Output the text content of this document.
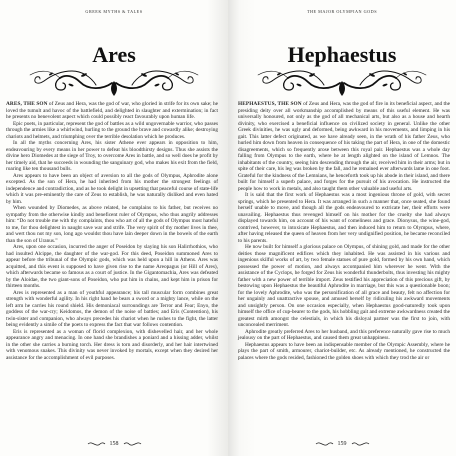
GREEK MYTHS & TALES
Ares

ARES, THE SON of Zeus and Hera, was the god of war, who gloried in strife for its own sake; he loved the tumult and havoc of the battlefield, and delighted in slaughter and extermination; in fact he presents no benevolent aspect which could possibly react favourably upon human life.

Epic poets, in particular, represent the god of battles as a wild ungovernable warrior, who passes through the armies like a whirlwind, hurling to the ground the brave and cowardly alike; destroying chariots and helmets, and triumphing over the terrible desolation which he produces.

In all the myths concerning Ares, his sister Athene ever appears in opposition to him, endeavouring by every means in her power to defeat his bloodthirsty designs. Thus she assists the divine hero Diomedes at the siege of Troy, to overcome Ares in battle, and so well does he profit by her timely aid, that he succeeds in wounding the sanguinary god, who makes his exit from the field, roaring like ten thousand bulls.

Ares appears to have been an object of aversion to all the gods of Olympus, Aphrodite alone excepted. As the son of Hera, he had inherited from his mother the strongest feelings of independence and contradiction, and as he took delight in upsetting that peaceful course of state-life which it was pre-eminently the care of Zeus to establish, he was naturally disliked and even hated by him.

When wounded by Diomedes, as above related, he complains to his father, but receives no sympathy from the otherwise kindly and beneficent ruler of Olympus, who thus angrily addresses him: “Do not trouble me with thy complaints, thou who art of all the gods of Olympus most hateful to me, for thou delightest in naught save war and strife. The very spirit of thy mother lives in thee, and wert thou not my son, long ago wouldst thou have lain deeper down in the bowels of the earth than the son of Uranus.”

Ares, upon one occasion, incurred the anger of Poseidon by slaying his son Halirrhothios, who had insulted Alcippe, the daughter of the war-god. For this deed, Poseidon summoned Ares to appear before the tribunal of the Olympic gods, which was held upon a hill in Athens. Ares was acquitted, and this event is supposed to have given rise to the name Areopagus (or Hill of Ares), which afterwards became so famous as a court of justice. In the Gigantomachia, Ares was defeated by the Aloidae, the two giant-sons of Poseidon, who put him in chains, and kept him in prison for thirteen months.

Ares is represented as a man of youthful appearance; his tall muscular form combines great strength with wonderful agility. In his right hand he bears a sword or a mighty lance, while on the left arm he carries his round shield. His demoniacal surroundings are Terror and Fear; Enyo, the goddess of the war-cry; Keidomos, the demon of the noise of battles; and Eris (Contention), his twin-sister and companion, who always precedes his chariot when he rushes to the fight, the latter being evidently a simile of the poets to express the fact that war follows contention.

Eris is represented as a woman of florid complexion, with dishevelled hair, and her whole appearance angry and menacing. In one hand she brandishes a poniard and a hissing adder, whilst in the other she carries a burning torch. Her dress is torn and disorderly, and her hair intertwined with venomous snakes. This divinity was never invoked by mortals, except when they desired her assistance for the accomplishment of evil purposes.

158
THE MAJOR OLYMPIAN GODS
Hephaestus

HEPHAESTUS, THE SON of Zeus and Hera, was the god of fire in its beneficial aspect, and the presiding deity over all workmanship accomplished by means of this useful element. He was universally honoured, not only as the god of all mechanical arts, but also as a house and hearth divinity, who exercised a beneficial influence on civilized society in general. Unlike the other Greek divinities, he was ugly and deformed, being awkward in his movements, and limping in his gait. This latter defect originated, as we have already seen, in the wrath of his father Zeus, who hurled him down from heaven in consequence of his taking the part of Hera, in one of the domestic disagreements, which so frequently arose between this royal pair. Hephaestus was a whole day falling from Olympus to the earth, where he at length alighted on the island of Lemnos. The inhabitants of the country, seeing him descending through the air, received him in their arms; but in spite of their care, his leg was broken by the fall, and he remained ever afterwards lame in one foot. Grateful for the kindness of the Lemnians, he henceforth took up his abode in their island, and there built for himself a superb palace, and forges for the pursuit of his avocation. He instructed the people how to work in metals, and also taught them other valuable and useful arts.

It is said that the first work of Hephaestus was a most ingenious throne of gold, with secret springs, which he presented to Hera. It was arranged in such a manner that, once seated, she found herself unable to move, and though all the gods endeavoured to extricate her, their efforts were unavailing. Hephaestus thus revenged himself on his mother for the cruelty she had always displayed towards him, on account of his want of comeliness and grace. Dionysus, the wine-god, contrived, however, to intoxicate Hephaestus, and then induced him to return to Olympus, where, after having released the queen of heaven from her very undignified position, he became reconciled to his parents.

He now built for himself a glorious palace on Olympus, of shining gold, and made for the other deities those magnificent edifices which they inhabited. He was assisted in his various and ingenious skilful works of art, by two female statues of pure gold, formed by his own hand, which possessed the power of motion, and always accompanied him wherever he went. With the assistance of the Cyclops, he forged for Zeus his wonderful thunderbolts, thus investing his mighty father with a new power of terrible import. Zeus testified his appreciation of this precious gift, by bestowing upon Hephaestus the beautiful Aphrodite in marriage, but this was a questionable boon; for the lovely Aphrodite, who was the personification of all grace and beauty, felt no affection for her ungainly and unattractive spouse, and amused herself by ridiculing his awkward movements and unsightly person. On one occasion especially, when Hephaestus good-naturedly took upon himself the office of cup-bearer to the gods, his hobbling gait and extreme awkwardness created the greatest mirth amongst the celestials, in which his disloyal partner was the first to join, with unconcealed merriment.

Aphrodite greatly preferred Ares to her husband, and this preference naturally gave rise to much jealousy on the part of Hephaestus, and caused them great unhappiness.

Hephaestus appears to have been an indispensable member of the Olympic Assembly, where he plays the part of smith, armourer, chariot-builder, etc. As already mentioned, he constructed the palaces where the gods resided, fashioned the golden shoes with which they trod the air or

159
